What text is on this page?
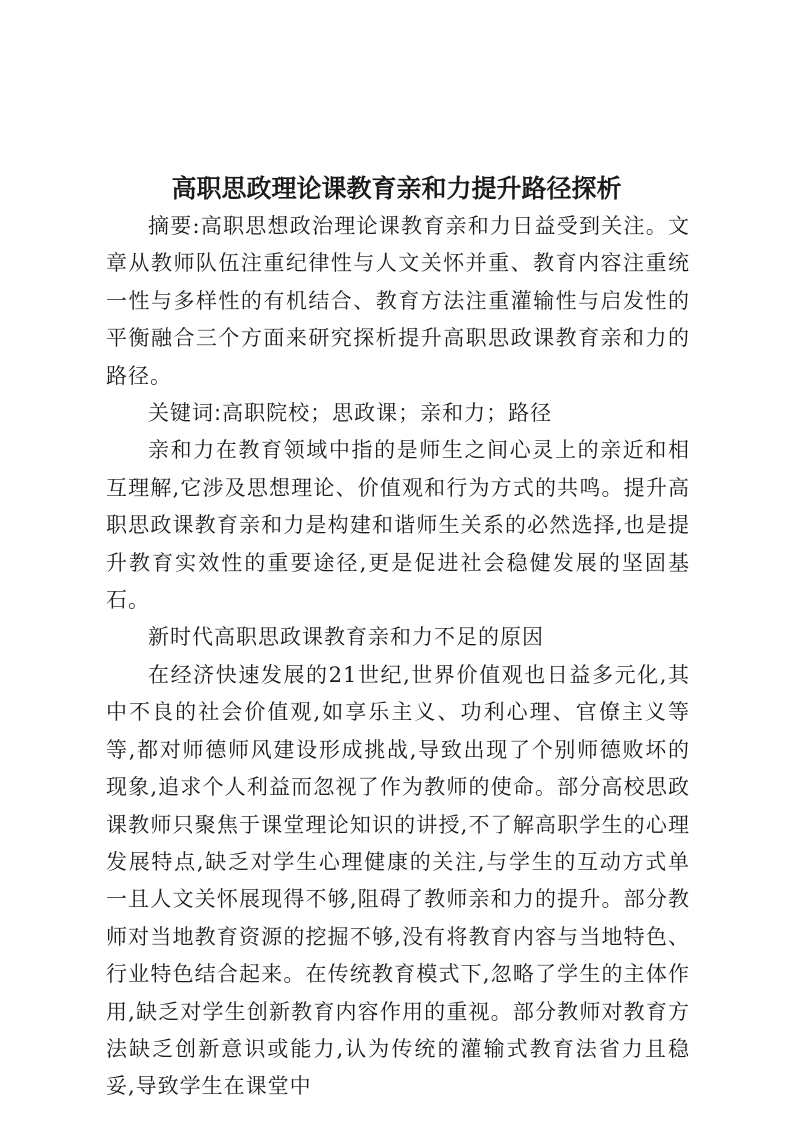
高职思政理论课教育亲和力提升路径探析

摘要:高职思想政治理论课教育亲和力日益受到关注。文章从教师队伍注重纪律性与人文关怀并重、教育内容注重统一性与多样性的有机结合、教育方法注重灌输性与启发性的平衡融合三个方面来研究探析提升高职思政课教育亲和力的路径。

关键词:高职院校；思政课；亲和力；路径

亲和力在教育领域中指的是师生之间心灵上的亲近和相互理解,它涉及思想理论、价值观和行为方式的共鸣。提升高职思政课教育亲和力是构建和谐师生关系的必然选择,也是提升教育实效性的重要途径,更是促进社会稳健发展的坚固基石。

新时代高职思政课教育亲和力不足的原因

在经济快速发展的21世纪,世界价值观也日益多元化,其中不良的社会价值观,如享乐主义、功利心理、官僚主义等等,都对师德师风建设形成挑战,导致出现了个别师德败坏的现象,追求个人利益而忽视了作为教师的使命。部分高校思政课教师只聚焦于课堂理论知识的讲授,不了解高职学生的心理发展特点,缺乏对学生心理健康的关注,与学生的互动方式单一且人文关怀展现得不够,阻碍了教师亲和力的提升。部分教师对当地教育资源的挖掘不够,没有将教育内容与当地特色、行业特色结合起来。在传统教育模式下,忽略了学生的主体作用,缺乏对学生创新教育内容作用的重视。部分教师对教育方法缺乏创新意识或能力,认为传统的灌输式教育法省力且稳妥,导致学生在课堂中
